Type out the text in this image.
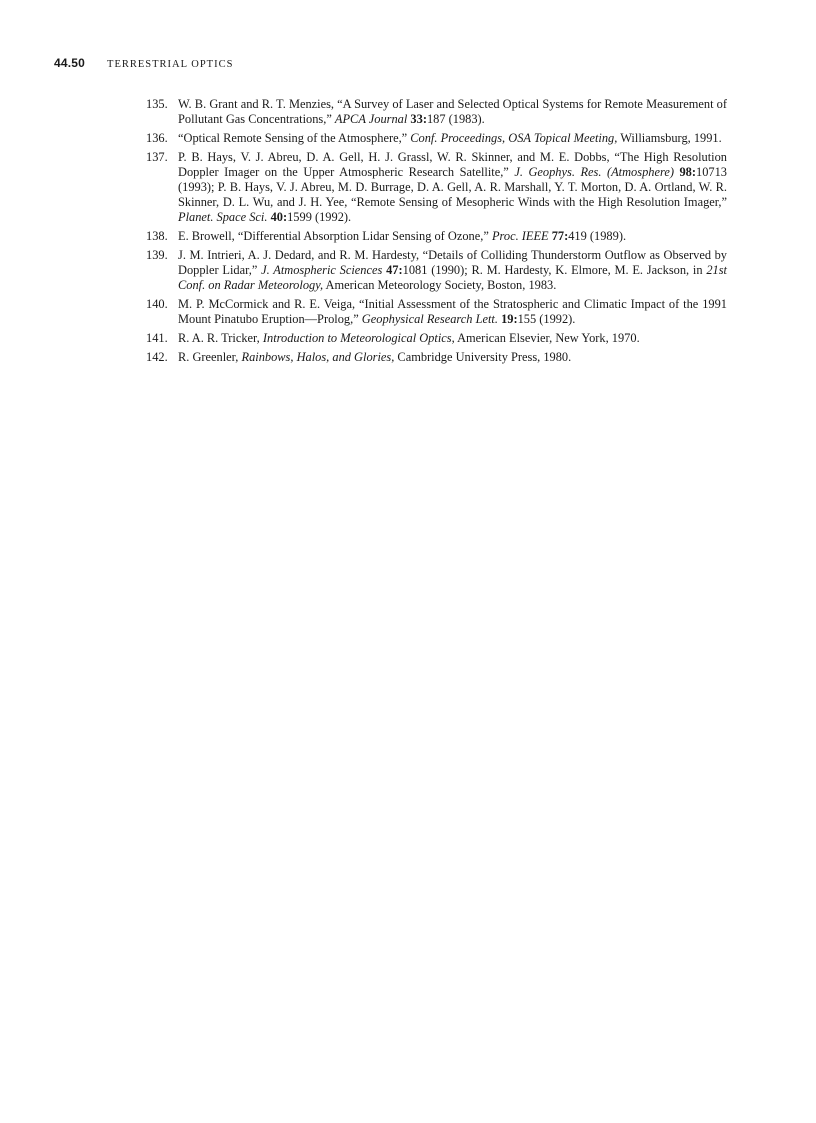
44.50 TERRESTRIAL OPTICS
135. W. B. Grant and R. T. Menzies, “A Survey of Laser and Selected Optical Systems for Remote Measurement of Pollutant Gas Concentrations,” APCA Journal 33:187 (1983).
136. “Optical Remote Sensing of the Atmosphere,” Conf. Proceedings, OSA Topical Meeting, Williamsburg, 1991.
137. P. B. Hays, V. J. Abreu, D. A. Gell, H. J. Grassl, W. R. Skinner, and M. E. Dobbs, “The High Resolution Doppler Imager on the Upper Atmospheric Research Satellite,” J. Geophys. Res. (Atmosphere) 98:10713 (1993); P. B. Hays, V. J. Abreu, M. D. Burrage, D. A. Gell, A. R. Marshall, Y. T. Morton, D. A. Ortland, W. R. Skinner, D. L. Wu, and J. H. Yee, “Remote Sensing of Mesopheric Winds with the High Resolution Imager,” Planet. Space Sci. 40:1599 (1992).
138. E. Browell, “Differential Absorption Lidar Sensing of Ozone,” Proc. IEEE 77:419 (1989).
139. J. M. Intrieri, A. J. Dedard, and R. M. Hardesty, “Details of Colliding Thunderstorm Outflow as Observed by Doppler Lidar,” J. Atmospheric Sciences 47:1081 (1990); R. M. Hardesty, K. Elmore, M. E. Jackson, in 21st Conf. on Radar Meteorology, American Meteorology Society, Boston, 1983.
140. M. P. McCormick and R. E. Veiga, “Initial Assessment of the Stratospheric and Climatic Impact of the 1991 Mount Pinatubo Eruption—Prolog,” Geophysical Research Lett. 19:155 (1992).
141. R. A. R. Tricker, Introduction to Meteorological Optics, American Elsevier, New York, 1970.
142. R. Greenler, Rainbows, Halos, and Glories, Cambridge University Press, 1980.
